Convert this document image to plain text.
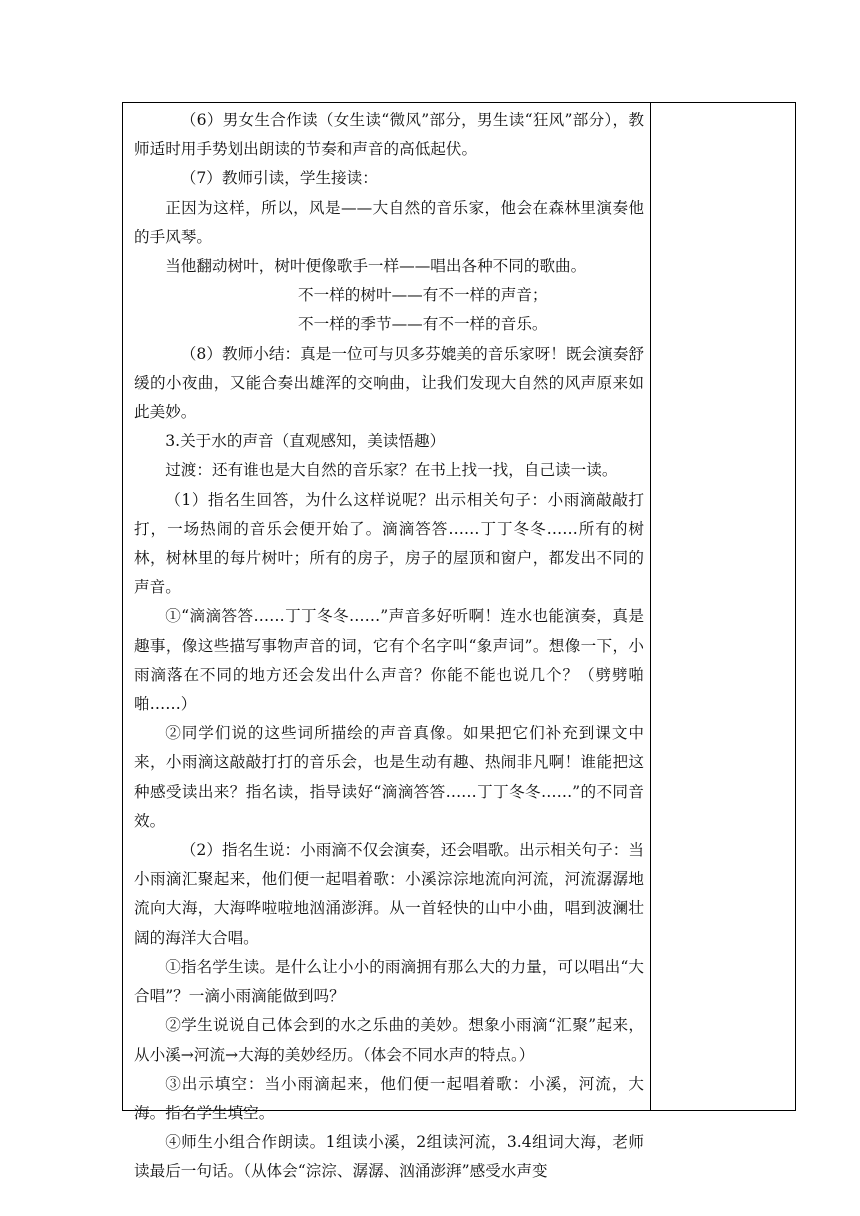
（6）男女生合作读（女生读“微风”部分，男生读“狂风”部分），教师适时用手势划出朗读的节奏和声音的高低起伏。

（7）教师引读，学生接读：

正因为这样，所以，风是——大自然的音乐家，他会在森林里演奏他的手风琴。

当他翻动树叶，树叶便像歌手一样——唱出各种不同的歌曲。

不一样的树叶——有不一样的声音；

不一样的季节——有不一样的音乐。

（8）教师小结：真是一位可与贝多芬媲美的音乐家呀！既会演奏舒缓的小夜曲，又能合奏出雄浑的交响曲，让我们发现大自然的风声原来如此美妙。

3.关于水的声音（直观感知，美读悟趣）

过渡：还有谁也是大自然的音乐家？在书上找一找，自己读一读。

（1）指名生回答，为什么这样说呢？出示相关句子：小雨滴敲敲打打，一场热闹的音乐会便开始了。滴滴答答……丁丁冬冬……所有的树林，树林里的每片树叶；所有的房子，房子的屋顶和窗户，都发出不同的声音。

①“滴滴答答……丁丁冬冬……”声音多好听啊！连水也能演奏，真是趣事，像这些描写事物声音的词，它有个名字叫“象声词”。想像一下，小雨滴落在不同的地方还会发出什么声音？你能不能也说几个？（劈劈啪啪……）

②同学们说的这些词所描绘的声音真像。如果把它们补充到课文中来，小雨滴这敲敲打打的音乐会，也是生动有趣、热闹非凡啊！谁能把这种感受读出来？指名读，指导读好“滴滴答答……丁丁冬冬……”的不同音效。

（2）指名生说：小雨滴不仅会演奏，还会唱歌。出示相关句子：当小雨滴汇聚起来，他们便一起唱着歌：小溪淙淙地流向河流，河流潺潺地流向大海，大海哗啦啦地汹涌澎湃。从一首轻快的山中小曲，唱到波澜壮阔的海洋大合唱。

①指名学生读。是什么让小小的雨滴拥有那么大的力量，可以唱出“大合唱”？一滴小雨滴能做到吗？

②学生说说自己体会到的水之乐曲的美妙。想象小雨滴“汇聚”起来，从小溪→河流→大海的美妙经历。（体会不同水声的特点。）

③出示填空：当小雨滴起来，他们便一起唱着歌：小溪，河流，大海。指名学生填空。

④师生小组合作朗读。1组读小溪，2组读河流，3.4组词大海，老师读最后一句话。（从体会“淙淙、潺潺、汹涌澎湃”感受水声变
